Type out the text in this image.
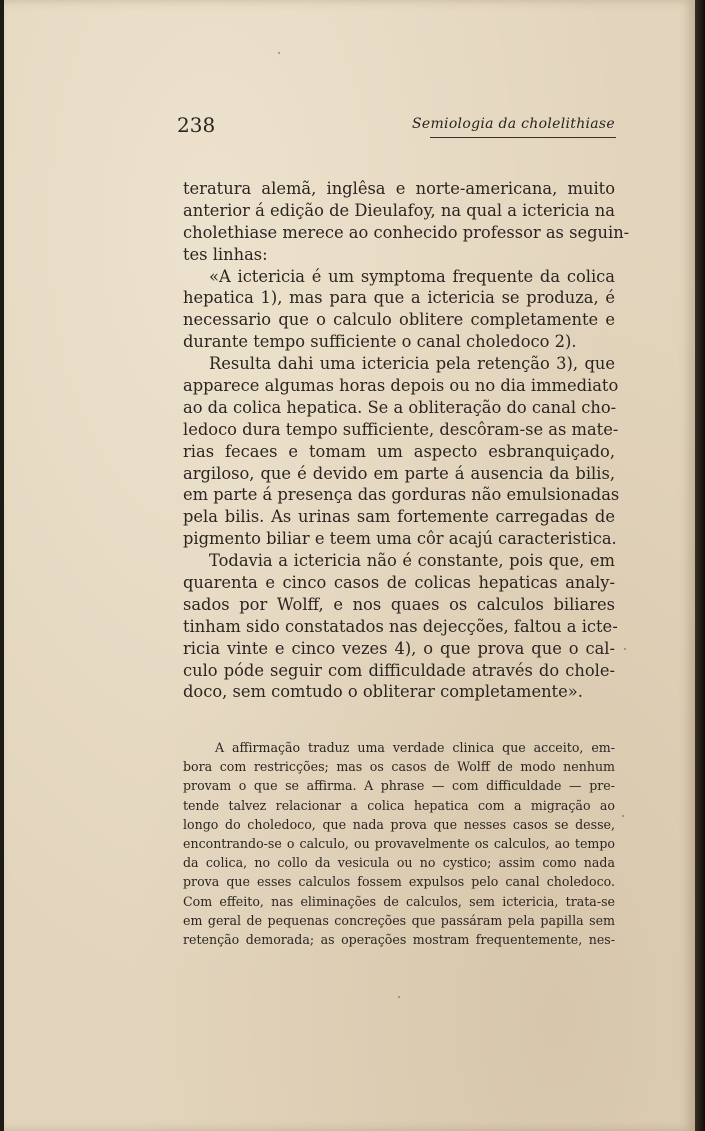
238	Semiologia da cholelithiase
teratura alemã, inglêsa e norte-americana, muito
anterior á edição de Dieulafoy, na qual a ictericia na
cholethiase merece ao conhecido professor as seguin-
tes linhas:
«A ictericia é um symptoma frequente da colica
hepatica 1), mas para que a ictericia se produza, é
necessario que o calculo oblitere completamente e
durante tempo sufficiente o canal choledoco 2).
Resulta dahi uma ictericia pela retenção 3), que
apparece algumas horas depois ou no dia immediato
ao da colica hepatica. Se a obliteração do canal cho-
ledoco dura tempo sufficiente, descôram-se as mate-
rias fecaes e tomam um aspecto esbranquiçado,
argiloso, que é devido em parte á ausencia da bilis,
em parte á presença das gorduras não emulsionadas
pela bilis. As urinas sam fortemente carregadas de
pigmento biliar e teem uma côr acajú caracteristica.
Todavia a ictericia não é constante, pois que, em
quarenta e cinco casos de colicas hepaticas analy-
sados por Wolff, e nos quaes os calculos biliares
tinham sido constatados nas dejecções, faltou a icte-
ricia vinte e cinco vezes 4), o que prova que o cal-
culo póde seguir com difficuldade através do chole-
doco, sem comtudo o obliterar completamente».
A affirmação traduz uma verdade clinica que acceito, em-
bora com restricções; mas os casos de Wolff de modo nenhum
provam o que se affirma. A phrase — com difficuldade — pre-
tende talvez relacionar a colica hepatica com a migração ao
longo do choledoco, que nada prova que nesses casos se desse,
encontrando-se o calculo, ou provavelmente os calculos, ao tempo
da colica, no collo da vesicula ou no cystico; assim como nada
prova que esses calculos fossem expulsos pelo canal choledoco.
Com effeito, nas eliminações de calculos, sem ictericia, trata-se
em geral de pequenas concreções que passáram pela papilla sem
retenção demorada; as operações mostram frequentemente, nes-
